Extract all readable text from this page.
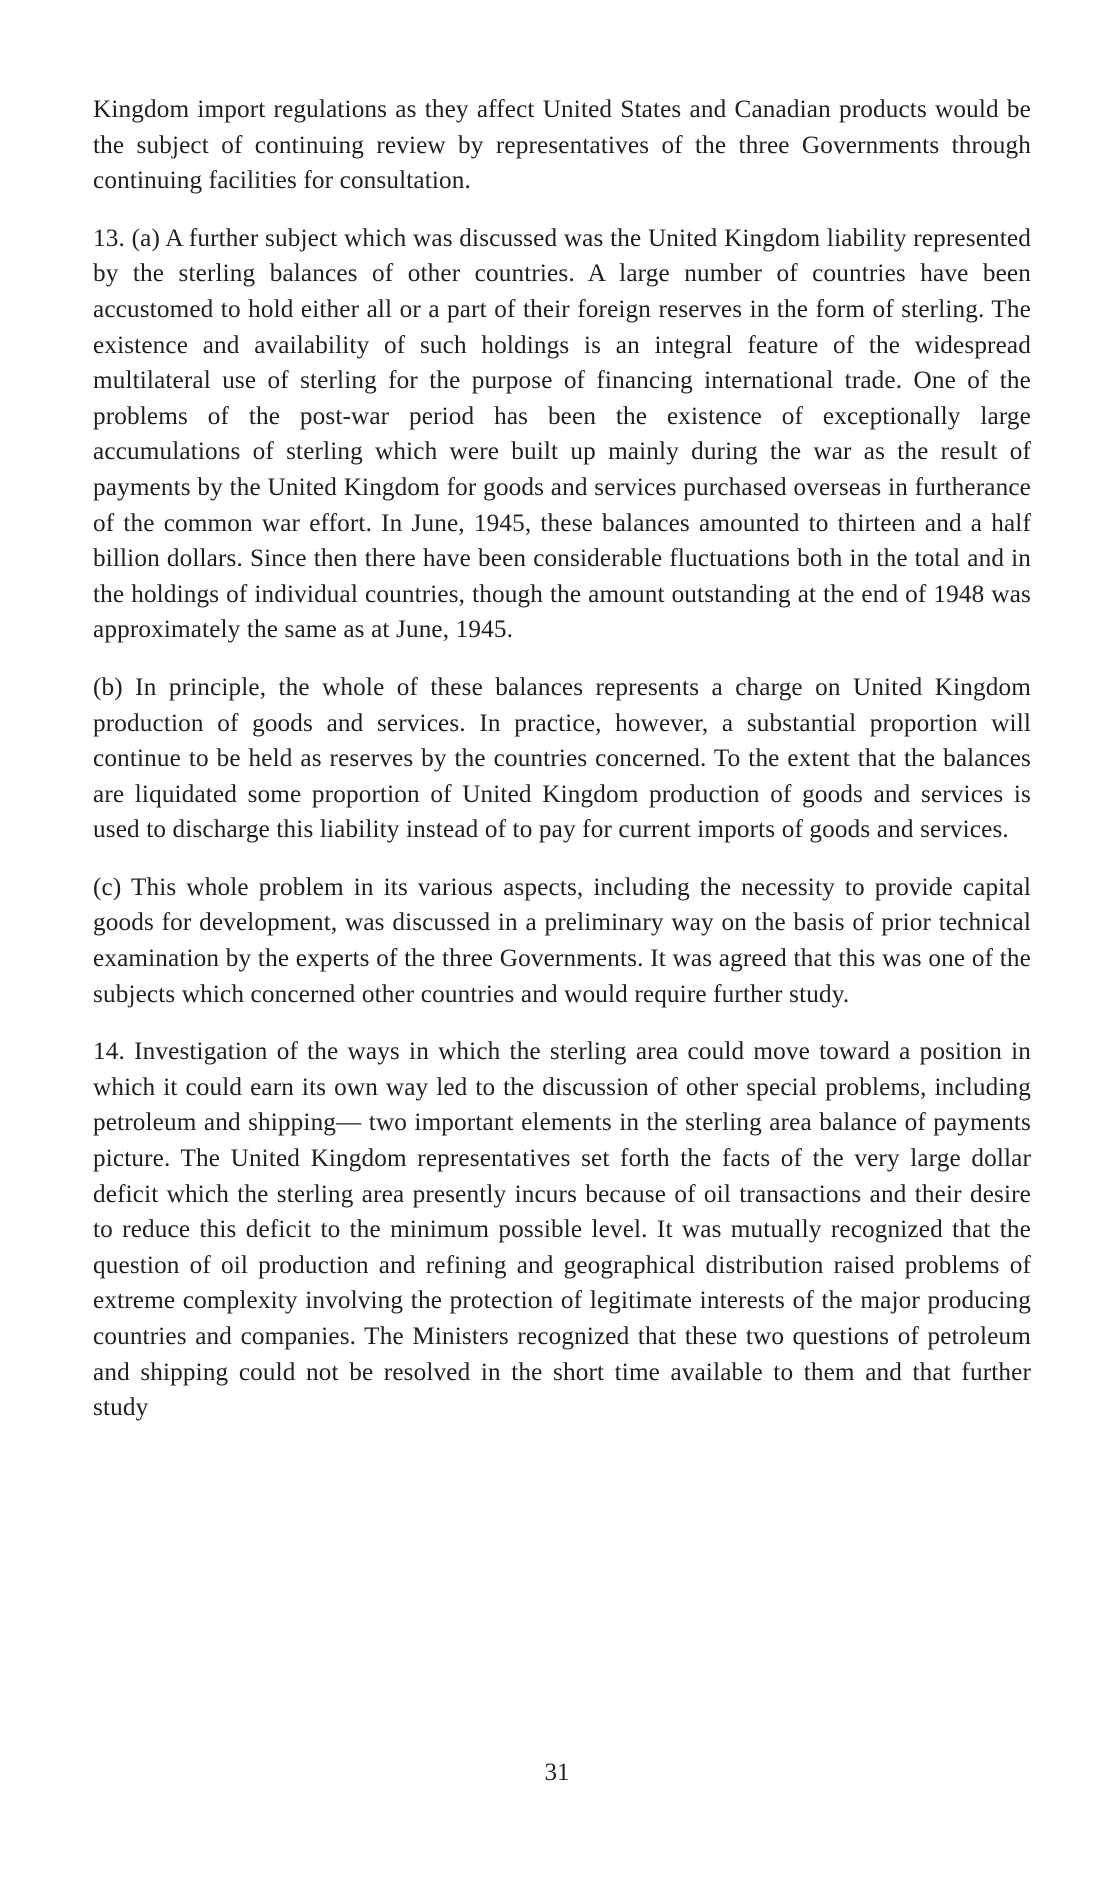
Kingdom import regulations as they affect United States and Canadian products would be the subject of continuing review by representatives of the three Governments through continuing facilities for consultation.

13. (a) A further subject which was discussed was the United Kingdom liability represented by the sterling balances of other countries. A large number of countries have been accustomed to hold either all or a part of their foreign reserves in the form of sterling. The existence and availability of such holdings is an integral feature of the widespread multilateral use of sterling for the purpose of financing international trade. One of the problems of the post-war period has been the existence of exceptionally large accumulations of sterling which were built up mainly during the war as the result of payments by the United Kingdom for goods and services purchased overseas in furtherance of the common war effort. In June, 1945, these balances amounted to thirteen and a half billion dollars. Since then there have been considerable fluctuations both in the total and in the holdings of individual countries, though the amount outstanding at the end of 1948 was approximately the same as at June, 1945.

(b) In principle, the whole of these balances represents a charge on United Kingdom production of goods and services. In practice, however, a substantial proportion will continue to be held as reserves by the countries concerned. To the extent that the balances are liquidated some proportion of United Kingdom production of goods and services is used to discharge this liability instead of to pay for current imports of goods and services.

(c) This whole problem in its various aspects, including the necessity to provide capital goods for development, was discussed in a preliminary way on the basis of prior technical examination by the experts of the three Governments. It was agreed that this was one of the subjects which concerned other countries and would require further study.

14. Investigation of the ways in which the sterling area could move toward a position in which it could earn its own way led to the discussion of other special problems, including petroleum and shipping— two important elements in the sterling area balance of payments picture. The United Kingdom representatives set forth the facts of the very large dollar deficit which the sterling area presently incurs because of oil transactions and their desire to reduce this deficit to the minimum possible level. It was mutually recognized that the question of oil production and refining and geographical distribution raised problems of extreme complexity involving the protection of legitimate interests of the major producing countries and companies. The Ministers recognized that these two questions of petroleum and shipping could not be resolved in the short time available to them and that further study

31
